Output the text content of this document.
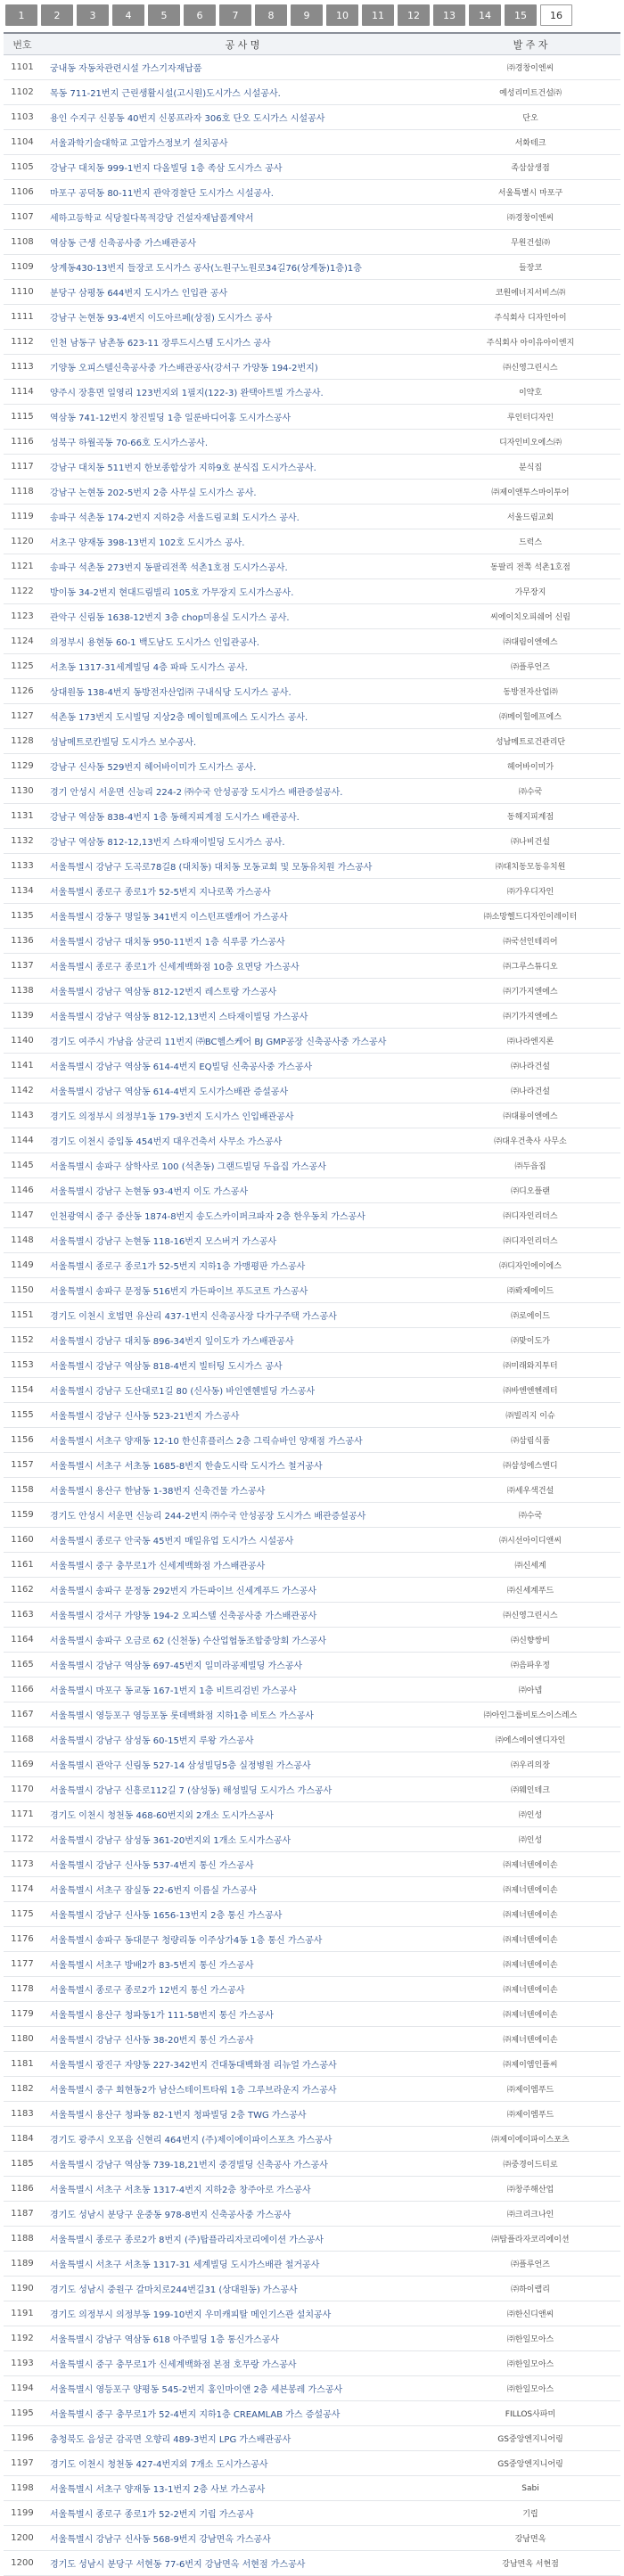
1	2	3	4	5	6	7	8	9	10	11	12	13	14	15	16
번호	공 사 명	발 주 자
1101	궁내동 자동차관련시설 가스기자재납품	㈜경창이엔씨
1102	목동 711-21번지 근린생활시설(고시원)도시가스 시설공사.	예성리미트건설㈜
1103	용인 수지구 신봉동 40번지 신봉프라자 306호 단오 도시가스 시설공사	단오
1104	서울과학기술대학교 고압가스정보기 설치공사	서화테크
1105	강남구 대치동 999-1번지 다올빌딩 1층 족삼 도시가스 공사	족삼삼생점
1106	마포구 공덕동 80-11번지 관악경찰단 도시가스 시설공사.	서울특별시 마포구
1107	세하고등학교 식당칠다목적강당 건설자재납품계약서	㈜경창이엔씨
1108	역삼동 근생 신축공사중 가스배관공사	무원건설㈜
1109	상계동430-13번지 들장코 도시가스 공사(노원구노원로34길76(상계동)1층)1층	들장코
1110	분당구 삼평동 644번지 도시가스 인입관 공사	코원에너지서비스㈜
1111	강남구 논현동 93-4번지 이도아르페(상점) 도시가스 공사	주식회사 디자인아이
1112	인천 남동구 남촌동 623-11 장루드시스템 도시가스 공사	주식회사 아이유아이엔지
1113	기양동 오피스텔신축공사중 가스배관공사(강서구 가양동 194-2번지)	㈜신영그린시스
1114	양주시 장흥면 일영리 123번지외 1필지(122-3) 완택아트빌 가스공사.	이약호
1115	역삼동 741-12번지 창진빌딩 1층 일룬바디어홍 도시가스공사	루인터디자인
1116	성북구 하월곡동 70-66호 도시가스공사.	디자인비오에스㈜
1117	강남구 대치동 511번지 한보종합상가 지하9호 분식집 도시가스공사.	분식집
1118	강남구 논현동 202-5번지 2층 사무실 도시가스 공사.	㈜제이앤투스마이투어
1119	송파구 석촌동 174-2번지 지하2층 서울드림교회 도시가스 공사.	서울드림교회
1120	서초구 양재동 398-13번지 102호 도시가스 공사.	드럭스
1121	송파구 석촌동 273번지 동팔리전쪽 석촌1호점 도시가스공사.	동팔리 전쪽 석촌1호점
1122	방이동 34-2번지 현대드림빌리 105호 가무장지 도시가스공사.	가무장지
1123	관악구 신림동 1638-12번지 3층 chop미용실 도시가스 공사.	씨에이치오피쉐어 신림
1124	의정부시 용현동 60-1 백도남도 도시가스 인입관공사.	㈜대림이엔에스
1125	서초동 1317-31세계빌딩 4층 파파 도시가스 공사.	㈜플루언즈
1126	상대원동 138-4번지 동방전자산업㈜ 구내식당 도시가스 공사.	동방전자산업㈜
1127	석촌동 173번지 도시빌딩 지상2층 메이힐메프에스 도시가스 공사.	㈜메이힐에프에스
1128	성남메트로칸빌딩 도시가스 보수공사.	성남메트로건관리단
1129	강남구 신사동 529번지 헤어바이미가 도시가스 공사.	헤어바이미가
1130	경기 안성시 서운면 신능리 224-2 ㈜수국 안성공장 도시가스 배관증설공사.	㈜수국
1131	강남구 역삼동 838-4번지 1층 동해지피계점 도시가스 배관공사.	동해지피계점
1132	강남구 역삼동 812-12,13번지 스타재이빌딩 도시가스 공사.	㈜나비건설
1133	서울특별시 강남구 도곡로78길8 (대치동) 대치동 모동교회 및 모동유치원 가스공사	㈜대치동모동유치원
1134	서울특별시 종로구 종로1가 52-5번지 지나로쪽 가스공사	㈜가우디자인
1135	서울특별시 강동구 명일동 341번지 이스턴프렐캐어 가스공사	㈜소망헬드디자인이레이터
1136	서울특별시 강남구 대치동 950-11번지 1층 식루콩 가스공사	㈜국선인테리어
1137	서울특별시 종로구 종로1가 신세계백화점 10층 요면당 가스공사	㈜그루스튜디오
1138	서울특별시 강남구 역삼동 812-12번지 레스토랑 가스공사	㈜기가지엔에스
1139	서울특별시 강남구 역삼동 812-12,13번지 스타재이빌딩 가스공사	㈜기가지엔에스
1140	경기도 여주시 가남읍 삼군리 11번지 ㈜BC헬스케어 BJ GMP공장 신축공사중 가스공사	㈜나라엔지론
1141	서울특별시 강남구 역삼동 614-4번지 EQ빌딩 신축공사중 가스공사	㈜나라건설
1142	서울특별시 강남구 역삼동 614-4번지 도시가스배관 증설공사	㈜나라건설
1143	경기도 의정부시 의정부1동 179-3번지 도시가스 인입배관공사	㈜대룡이엔에스
1144	경기도 이천시 증입동 454번지 대우건축서 사무소 가스공사	㈜대우건축사 사무소
1145	서울특별시 송파구 삼학사로 100 (석촌동) 그랜드빌딩 두읍집 가스공사	㈜두읍집
1146	서울특별시 강남구 논현동 93-4번지 이도 가스공사	㈜디오플랜
1147	인천광역시 중구 중산동 1874-8번지 송도스카이퍼크파자 2층 한우동치 가스공사	㈜디자인리더스
1148	서울특별시 강남구 논현동 118-16번지 모스버거 가스공사	㈜디자인리더스
1149	서울특별시 종로구 종로1가 52-5번지 지하1층 가맹평판 가스공사	㈜디자인에이에스
1150	서울특별시 송파구 문정동 516번지 가든파이브 푸드코트 가스공사	㈜롸제에이드
1151	경기도 이천시 호법면 유산리 437-1번지 신축공사장 다가구주택 가스공사	㈜로에이드
1152	서울특별시 강남구 대치동 896-34번지 잎이도가 가스배관공사	㈜맞이도가
1153	서울특별시 강남구 역삼동 818-4번지 빌터팅 도시가스 공사	㈜미래와지투터
1154	서울특별시 강남구 도산대로1길 80 (신사동) 바인엔헨빌딩 가스공사	㈜바엔엔헨레터
1155	서울특별시 강남구 신사동 523-21번지 가스공사	㈜빌리지 이슈
1156	서울특별시 서초구 양재동 12-10 한신휴플러스 2층 그릭슈바인 양재점 가스공사	㈜삼림식품
1157	서울특별시 서초구 서초동 1685-8번지 한솔도시락 도시가스 철거공사	㈜삼성에스엔디
1158	서울특별시 용산구 한남동 1-38번지 신축건물 가스공사	㈜세우색건설
1159	경기도 안성시 서운면 신능리 244-2번지 ㈜수국 안성공장 도시가스 배관증설공사	㈜수국
1160	서울특별시 종로구 안국동 45번지 매일유업 도시가스 시설공사	㈜시선아이디앤씨
1161	서울특별시 중구 충무로1가 신세계백화점 가스배관공사	㈜신세계
1162	서울특별시 송파구 문정동 292번지 가든파이브 신세계푸드 가스공사	㈜신세계푸드
1163	서울특별시 강서구 가양동 194-2 오피스텔 신축공사중 가스배관공사	㈜신영그린시스
1164	서울특별시 송파구 오금로 62 (신천동) 수산업협동조합중앙회 가스공사	㈜신향쌍비
1165	서울특별시 강남구 역삼동 697-45번지 일미라공제빌딩 가스공사	㈜음파우정
1166	서울특별시 마포구 동교동 167-1번지 1층 비트리검빈 가스공사	㈜아넵
1167	서울특별시 영등포구 영등포동 롯데백화점 지하1층 비토스 가스공사	㈜아인그룹비토스이스레스
1168	서울특별시 강남구 삼성동 60-15번지 루왕 가스공사	㈜에스에이엔디자인
1169	서울특별시 관악구 신림동 527-14 삼성빌딩5층 실정병원 가스공사	㈜우리의장
1170	서울특별시 강남구 신흥로112길 7 (삼성동) 해성빌딩 도시가스 가스공사	㈜웨인테크
1171	경기도 이천시 청천동 468-60번지외 2개소 도시가스공사	㈜인성
1172	서울특별시 강남구 삼성동 361-20번지외 1개소 도시가스공사	㈜인성
1173	서울특별시 강남구 신사동 537-4번지 통신 가스공사	㈜제너텐에이손
1174	서울특별시 서초구 잠실동 22-6번지 이름실 가스공사	㈜제너텐에이손
1175	서울특별시 강남구 신사동 1656-13번지 2층 통신 가스공사	㈜제너텐에이손
1176	서울특별시 송파구 동대문구 청량리동 이주상가4동 1층 통신 가스공사	㈜제너텐에이손
1177	서울특별시 서초구 방배2가 83-5번지 통신 가스공사	㈜제너텐에이손
1178	서울특별시 종로구 종로2가 12번지 통신 가스공사	㈜제너텐에이손
1179	서울특별시 용산구 청파동1가 111-58번지 통신 가스공사	㈜제너텐에이손
1180	서울특별시 강남구 신사동 38-20번지 통신 가스공사	㈜제너텐에이손
1181	서울특별시 광진구 자양동 227-342번지 건대동대백화점 리뉴얼 가스공사	㈜제이엠인플씨
1182	서울특별시 중구 회현동2가 남산스테이트타워 1층 그루브라운지 가스공사	㈜제이엠푸드
1183	서울특별시 용산구 청파동 82-1번지 청파빌딩 2층 TWG 가스공사	㈜제이엠푸드
1184	경기도 광주시 오포읍 신현리 464번지 (주)제이에이파이스포츠 가스공사	㈜제이에이파이스포츠
1185	서울특별시 강남구 역삼동 739-18,21번지 중경빌딩 신축공사 가스공사	㈜중경이드티로
1186	서울특별시 서초구 서초동 1317-4번지 지하2층 창주아로 가스공사	㈜창주해산업
1187	경기도 성남시 분당구 운중동 978-8번지 신축공사중 가스공사	㈜크리크나인
1188	서울특별시 종로구 종로2가 8번지 (주)탑플라리자코리에이션 가스공사	㈜탑플라자코리에이션
1189	서울특별시 서초구 서초동 1317-31 세계빌딩 도시가스배관 철거공사	㈜플루언즈
1190	경기도 성남시 중원구 갈마치로244번길31 (상대원동) 가스공사	㈜하이랩리
1191	경기도 의정부시 의정부동 199-10번지 우미캐피탈 메인기스관 설치공사	㈜한신디앤씨
1192	서울특별시 강남구 역삼동 618 아주빌딩 1층 통신가스공사	㈜한일모아스
1193	서울특별시 중구 충무로1가 신세계백화점 본점 호무랑 가스공사	㈜한일모아스
1194	서울특별시 영등포구 양평동 545-2번지 홍인마이앤 2층 세븐봉레 가스공사	㈜한일모아스
1195	서울특별시 중구 충무로1가 52-4번지 지하1층 CREAMLAB 가스 증설공사	FILLOS사파미
1196	충청북도 음성군 감곡면 오향리 489-3번지 LPG 가스배관공사	GS중앙엔지니어링
1197	경기도 이천시 청천동 427-4번지외 7개소 도시가스공사	GS중앙엔지니어링
1198	서울특별시 서초구 양재동 13-1번지 2층 사보 가스공사	Sabi
1199	서울특별시 종로구 종로1가 52-2번지 기립 가스공사	기립
1200	서울특별시 강남구 신사동 568-9번지 강남면옥 가스공사	강남면옥
1200	경기도 성남시 분당구 서현동 77-6번지 강남면옥 서현점 가스공사	강남면옥 서현점
